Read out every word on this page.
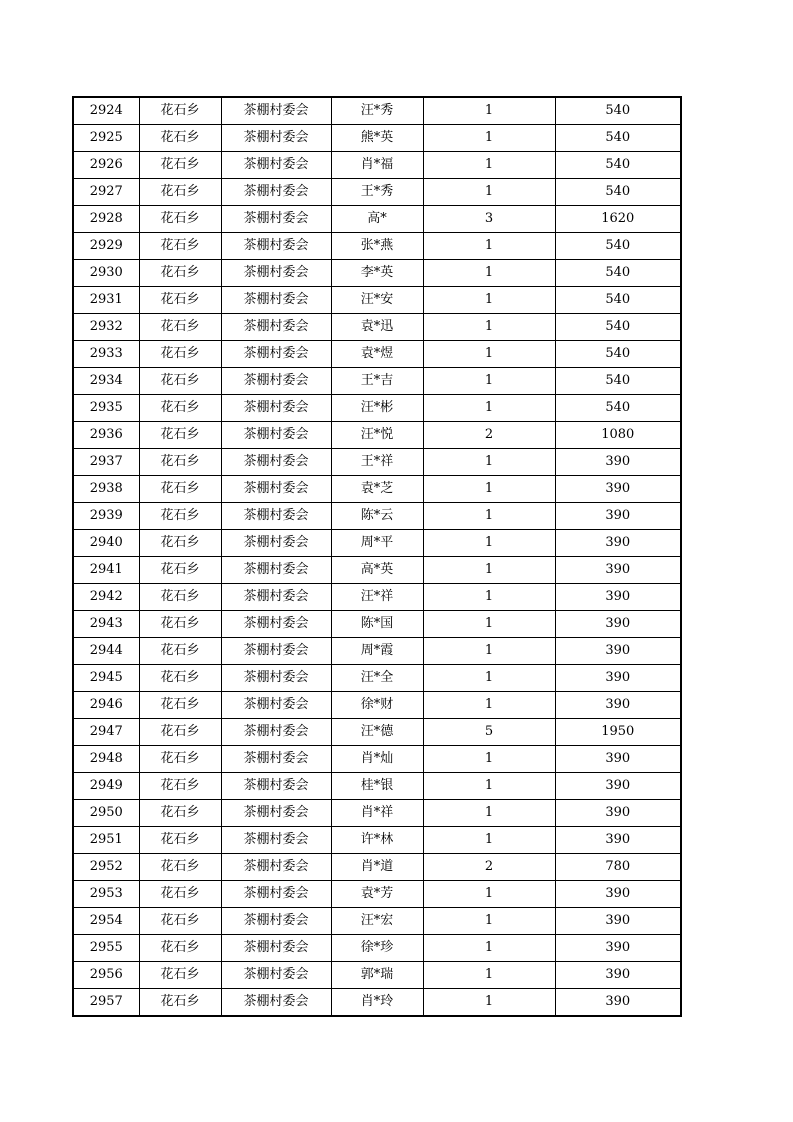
2924	花石乡	茶棚村委会	汪*秀	1	540
2925	花石乡	茶棚村委会	熊*英	1	540
2926	花石乡	茶棚村委会	肖*福	1	540
2927	花石乡	茶棚村委会	王*秀	1	540
2928	花石乡	茶棚村委会	高*	3	1620
2929	花石乡	茶棚村委会	张*燕	1	540
2930	花石乡	茶棚村委会	李*英	1	540
2931	花石乡	茶棚村委会	汪*安	1	540
2932	花石乡	茶棚村委会	袁*迅	1	540
2933	花石乡	茶棚村委会	袁*煜	1	540
2934	花石乡	茶棚村委会	王*吉	1	540
2935	花石乡	茶棚村委会	汪*彬	1	540
2936	花石乡	茶棚村委会	汪*悦	2	1080
2937	花石乡	茶棚村委会	王*祥	1	390
2938	花石乡	茶棚村委会	袁*芝	1	390
2939	花石乡	茶棚村委会	陈*云	1	390
2940	花石乡	茶棚村委会	周*平	1	390
2941	花石乡	茶棚村委会	高*英	1	390
2942	花石乡	茶棚村委会	汪*祥	1	390
2943	花石乡	茶棚村委会	陈*国	1	390
2944	花石乡	茶棚村委会	周*霞	1	390
2945	花石乡	茶棚村委会	汪*全	1	390
2946	花石乡	茶棚村委会	徐*财	1	390
2947	花石乡	茶棚村委会	汪*德	5	1950
2948	花石乡	茶棚村委会	肖*灿	1	390
2949	花石乡	茶棚村委会	桂*银	1	390
2950	花石乡	茶棚村委会	肖*祥	1	390
2951	花石乡	茶棚村委会	许*林	1	390
2952	花石乡	茶棚村委会	肖*道	2	780
2953	花石乡	茶棚村委会	袁*芳	1	390
2954	花石乡	茶棚村委会	汪*宏	1	390
2955	花石乡	茶棚村委会	徐*珍	1	390
2956	花石乡	茶棚村委会	郭*瑞	1	390
2957	花石乡	茶棚村委会	肖*玲	1	390
